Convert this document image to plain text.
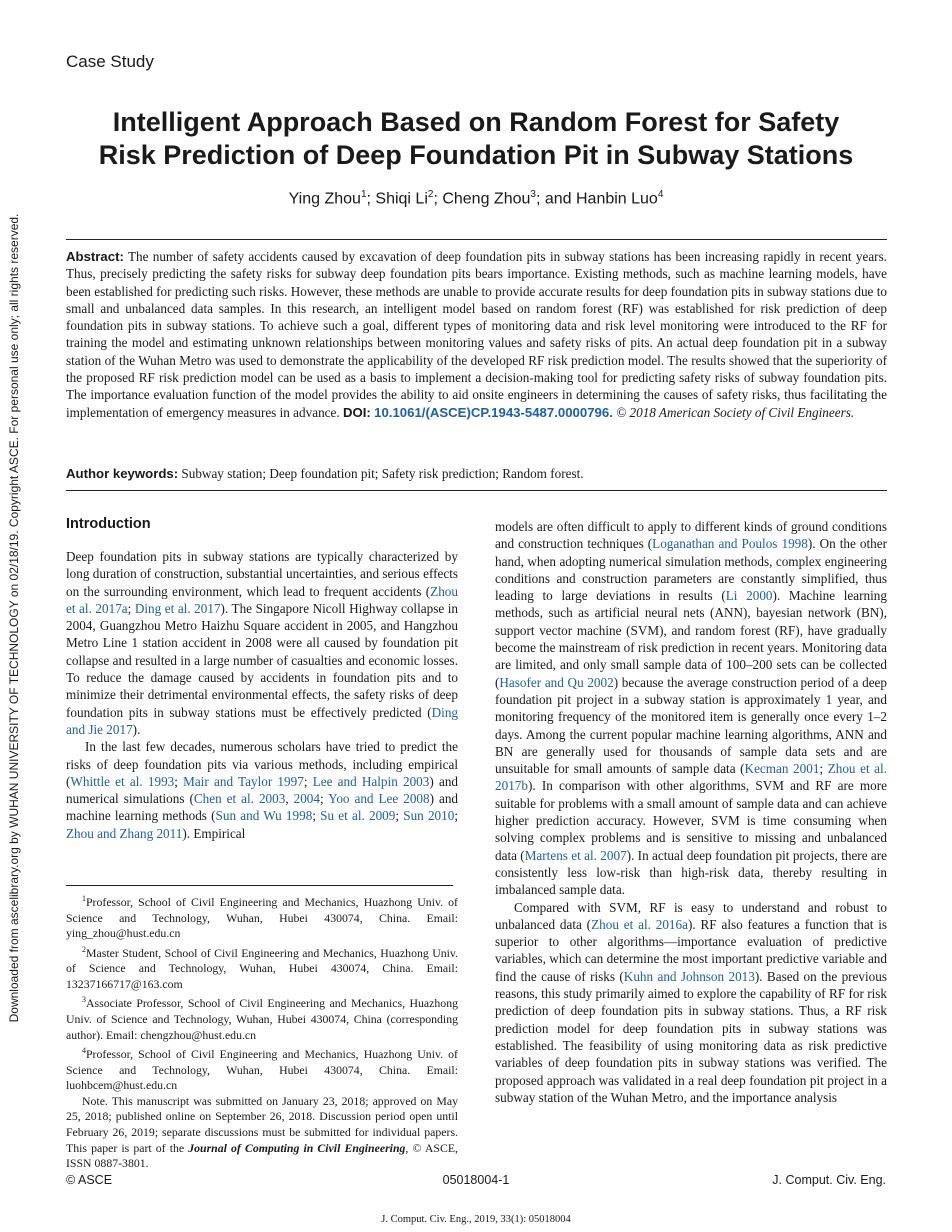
Downloaded from ascelibrary.org by WUHAN UNIVERSITY OF TECHNOLOGY on 02/18/19. Copyright ASCE. For personal use only; all rights reserved.
Case Study
Intelligent Approach Based on Random Forest for Safety
Risk Prediction of Deep Foundation Pit in Subway Stations
Ying Zhou$^1$; Shiqi Li$^2$; Cheng Zhou$^3$; and Hanbin Luo$^4$
Abstract: The number of safety accidents caused by excavation of deep foundation pits in subway stations has been increasing rapidly in recent years. Thus, precisely predicting the safety risks for subway deep foundation pits bears importance. Existing methods, such as machine learning models, have been established for predicting such risks. However, these methods are unable to provide accurate results for deep foundation pits in subway stations due to small and unbalanced data samples. In this research, an intelligent model based on random forest (RF) was established for risk prediction of deep foundation pits in subway stations. To achieve such a goal, different types of monitoring data and risk level monitoring were introduced to the RF for training the model and estimating unknown relationships between monitoring values and safety risks of pits. An actual deep foundation pit in a subway station of the Wuhan Metro was used to demonstrate the applicability of the developed RF risk prediction model. The results showed that the superiority of the proposed RF risk prediction model can be used as a basis to implement a decision-making tool for predicting safety risks of subway foundation pits. The importance evaluation function of the model provides the ability to aid onsite engineers in determining the causes of safety risks, thus facilitating the implementation of emergency measures in advance. DOI: 10.1061/(ASCE)CP.1943-5487.0000796. © 2018 American Society of Civil Engineers.
Author keywords: Subway station; Deep foundation pit; Safety risk prediction; Random forest.
Introduction

Deep foundation pits in subway stations are typically characterized by long duration of construction, substantial uncertainties, and serious effects on the surrounding environment, which lead to frequent accidents (Zhou et al. 2017a; Ding et al. 2017). The Singapore Nicoll Highway collapse in 2004, Guangzhou Metro Haizhu Square accident in 2005, and Hangzhou Metro Line 1 station accident in 2008 were all caused by foundation pit collapse and resulted in a large number of casualties and economic losses. To reduce the damage caused by accidents in foundation pits and to minimize their detrimental environmental effects, the safety risks of deep foundation pits in subway stations must be effectively predicted (Ding and Jie 2017).

In the last few decades, numerous scholars have tried to predict the risks of deep foundation pits via various methods, including empirical (Whittle et al. 1993; Mair and Taylor 1997; Lee and Halpin 2003) and numerical simulations (Chen et al. 2003, 2004; Yoo and Lee 2008) and machine learning methods (Sun and Wu 1998; Su et al. 2009; Sun 2010; Zhou and Zhang 2011). Empirical

models are often difficult to apply to different kinds of ground conditions and construction techniques (Loganathan and Poulos 1998). On the other hand, when adopting numerical simulation methods, complex engineering conditions and construction parameters are constantly simplified, thus leading to large deviations in results (Li 2000). Machine learning methods, such as artificial neural nets (ANN), bayesian network (BN), support vector machine (SVM), and random forest (RF), have gradually become the mainstream of risk prediction in recent years. Monitoring data are limited, and only small sample data of 100–200 sets can be collected (Hasofer and Qu 2002) because the average construction period of a deep foundation pit project in a subway station is approximately 1 year, and monitoring frequency of the monitored item is generally once every 1–2 days. Among the current popular machine learning algorithms, ANN and BN are generally used for thousands of sample data sets and are unsuitable for small amounts of sample data (Kecman 2001; Zhou et al. 2017b). In comparison with other algorithms, SVM and RF are more suitable for problems with a small amount of sample data and can achieve higher prediction accuracy. However, SVM is time consuming when solving complex problems and is sensitive to missing and unbalanced data (Martens et al. 2007). In actual deep foundation pit projects, there are consistently less low-risk than high-risk data, thereby resulting in imbalanced sample data.

Compared with SVM, RF is easy to understand and robust to unbalanced data (Zhou et al. 2016a). RF also features a function that is superior to other algorithms—importance evaluation of predictive variables, which can determine the most important predictive variable and find the cause of risks (Kuhn and Johnson 2013). Based on the previous reasons, this study primarily aimed to explore the capability of RF for risk prediction of deep foundation pits in subway stations. Thus, a RF risk prediction model for deep foundation pits in subway stations was established. The feasibility of using monitoring data as risk predictive variables of deep foundation pits in subway stations was verified. The proposed approach was validated in a real deep foundation pit project in a subway station of the Wuhan Metro, and the importance analysis

$^1$Professor, School of Civil Engineering and Mechanics, Huazhong Univ. of Science and Technology, Wuhan, Hubei 430074, China. Email: ying_zhou@hust.edu.cn

$^2$Master Student, School of Civil Engineering and Mechanics, Huazhong Univ. of Science and Technology, Wuhan, Hubei 430074, China. Email: 13237166717@163.com

$^3$Associate Professor, School of Civil Engineering and Mechanics, Huazhong Univ. of Science and Technology, Wuhan, Hubei 430074, China (corresponding author). Email: chengzhou@hust.edu.cn

$^4$Professor, School of Civil Engineering and Mechanics, Huazhong Univ. of Science and Technology, Wuhan, Hubei 430074, China. Email: luohbcem@hust.edu.cn

Note. This manuscript was submitted on January 23, 2018; approved on May 25, 2018; published online on September 26, 2018. Discussion period open until February 26, 2019; separate discussions must be submitted for individual papers. This paper is part of the Journal of Computing in Civil Engineering, © ASCE, ISSN 0887-3801.

© ASCE	05018004-1	J. Comput. Civ. Eng.
J. Comput. Civ. Eng., 2019, 33(1): 05018004
